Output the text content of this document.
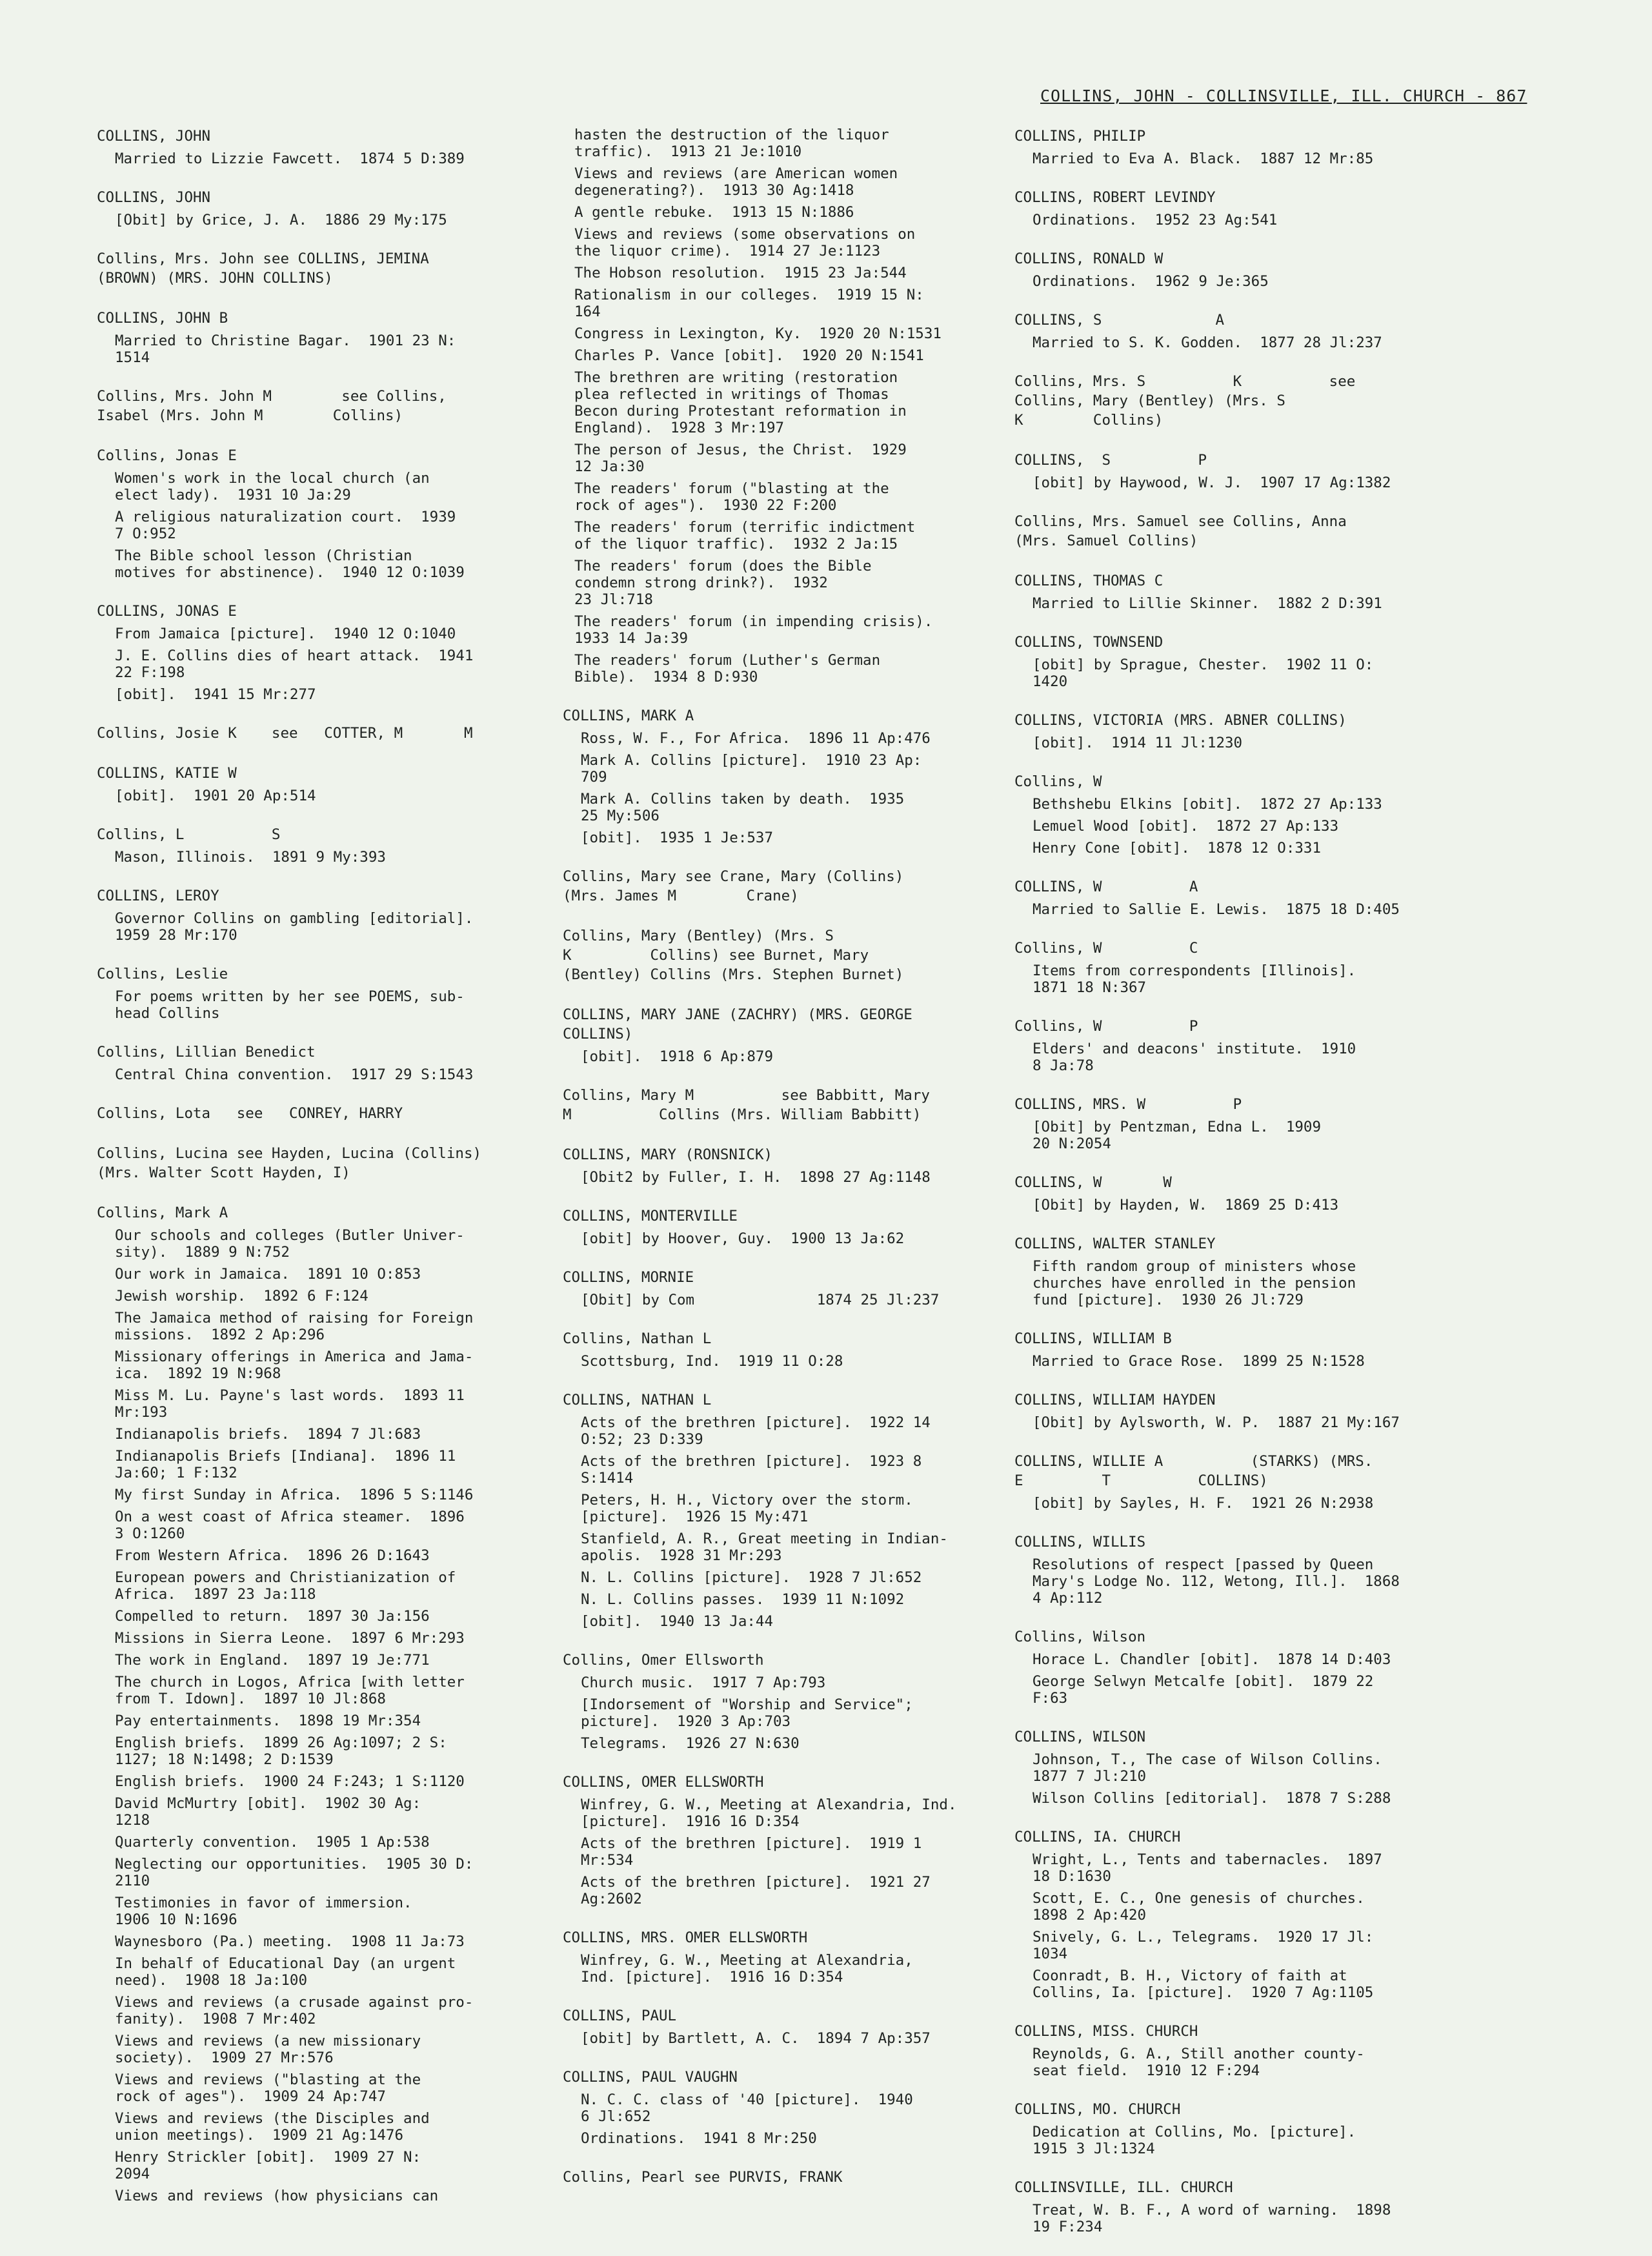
COLLINS, JOHN - COLLINSVILLE, ILL. CHURCH - 867
COLLINS, JOHN
Married to Lizzie Fawcett.  1874 5 D:389
COLLINS, JOHN
[Obit] by Grice, J. A.  1886 29 My:175
Collins, Mrs. John see COLLINS, JEMINA
(BROWN) (MRS. JOHN COLLINS)
COLLINS, JOHN B
Married to Christine Bagar.  1901 23 N:
1514
Collins, Mrs. John M        see Collins,
Isabel (Mrs. John M        Collins)
Collins, Jonas E
Women's work in the local church (an
elect lady).  1931 10 Ja:29
A religious naturalization court.  1939
7 O:952
The Bible school lesson (Christian
motives for abstinence).  1940 12 O:1039
COLLINS, JONAS E
From Jamaica [picture].  1940 12 O:1040
J. E. Collins dies of heart attack.  1941
22 F:198
[obit].  1941 15 Mr:277
Collins, Josie K    see   COTTER, M       M
COLLINS, KATIE W
[obit].  1901 20 Ap:514
Collins, L          S
Mason, Illinois.  1891 9 My:393
COLLINS, LEROY
Governor Collins on gambling [editorial].
1959 28 Mr:170
Collins, Leslie
For poems written by her see POEMS, sub-
head Collins
Collins, Lillian Benedict
Central China convention.  1917 29 S:1543
Collins, Lota   see   CONREY, HARRY
Collins, Lucina see Hayden, Lucina (Collins)
(Mrs. Walter Scott Hayden, I)
Collins, Mark A
Our schools and colleges (Butler Univer-
sity).  1889 9 N:752
Our work in Jamaica.  1891 10 O:853
Jewish worship.  1892 6 F:124
The Jamaica method of raising for Foreign
missions.  1892 2 Ap:296
Missionary offerings in America and Jama-
ica.  1892 19 N:968
Miss M. Lu. Payne's last words.  1893 11
Mr:193
Indianapolis briefs.  1894 7 Jl:683
Indianapolis Briefs [Indiana].  1896 11
Ja:60; 1 F:132
My first Sunday in Africa.  1896 5 S:1146
On a west coast of Africa steamer.  1896
3 O:1260
From Western Africa.  1896 26 D:1643
European powers and Christianization of
Africa.  1897 23 Ja:118
Compelled to return.  1897 30 Ja:156
Missions in Sierra Leone.  1897 6 Mr:293
The work in England.  1897 19 Je:771
The church in Logos, Africa [with letter
from T. Idown].  1897 10 Jl:868
Pay entertainments.  1898 19 Mr:354
English briefs.  1899 26 Ag:1097; 2 S:
1127; 18 N:1498; 2 D:1539
English briefs.  1900 24 F:243; 1 S:1120
David McMurtry [obit].  1902 30 Ag:
1218
Quarterly convention.  1905 1 Ap:538
Neglecting our opportunities.  1905 30 D:
2110
Testimonies in favor of immersion.
1906 10 N:1696
Waynesboro (Pa.) meeting.  1908 11 Ja:73
In behalf of Educational Day (an urgent
need).  1908 18 Ja:100
Views and reviews (a crusade against pro-
fanity).  1908 7 Mr:402
Views and reviews (a new missionary
society).  1909 27 Mr:576
Views and reviews ("blasting at the
rock of ages").  1909 24 Ap:747
Views and reviews (the Disciples and
union meetings).  1909 21 Ag:1476
Henry Strickler [obit].  1909 27 N:
2094
Views and reviews (how physicians can
hasten the destruction of the liquor
traffic).  1913 21 Je:1010
Views and reviews (are American women
degenerating?).  1913 30 Ag:1418
A gentle rebuke.  1913 15 N:1886
Views and reviews (some observations on
the liquor crime).  1914 27 Je:1123
The Hobson resolution.  1915 23 Ja:544
Rationalism in our colleges.  1919 15 N:
164
Congress in Lexington, Ky.  1920 20 N:1531
Charles P. Vance [obit].  1920 20 N:1541
The brethren are writing (restoration
plea reflected in writings of Thomas
Becon during Protestant reformation in
England).  1928 3 Mr:197
The person of Jesus, the Christ.  1929
12 Ja:30
The readers' forum ("blasting at the
rock of ages").  1930 22 F:200
The readers' forum (terrific indictment
of the liquor traffic).  1932 2 Ja:15
The readers' forum (does the Bible
condemn strong drink?).  1932
23 Jl:718
The readers' forum (in impending crisis).
1933 14 Ja:39
The readers' forum (Luther's German
Bible).  1934 8 D:930
COLLINS, MARK A
Ross, W. F., For Africa.  1896 11 Ap:476
Mark A. Collins [picture].  1910 23 Ap:
709
Mark A. Collins taken by death.  1935
25 My:506
[obit].  1935 1 Je:537
Collins, Mary see Crane, Mary (Collins)
(Mrs. James M        Crane)
Collins, Mary (Bentley) (Mrs. S
K         Collins) see Burnet, Mary
(Bentley) Collins (Mrs. Stephen Burnet)
COLLINS, MARY JANE (ZACHRY) (MRS. GEORGE
COLLINS)
[obit].  1918 6 Ap:879
Collins, Mary M          see Babbitt, Mary
M          Collins (Mrs. William Babbitt)
COLLINS, MARY (RONSNICK)
[Obit2 by Fuller, I. H.  1898 27 Ag:1148
COLLINS, MONTERVILLE
[obit] by Hoover, Guy.  1900 13 Ja:62
COLLINS, MORNIE
[Obit] by Com              1874 25 Jl:237
Collins, Nathan L
Scottsburg, Ind.  1919 11 O:28
COLLINS, NATHAN L
Acts of the brethren [picture].  1922 14
O:52; 23 D:339
Acts of the brethren [picture].  1923 8
S:1414
Peters, H. H., Victory over the storm.
[picture].  1926 15 My:471
Stanfield, A. R., Great meeting in Indian-
apolis.  1928 31 Mr:293
N. L. Collins [picture].  1928 7 Jl:652
N. L. Collins passes.  1939 11 N:1092
[obit].  1940 13 Ja:44
Collins, Omer Ellsworth
Church music.  1917 7 Ap:793
[Indorsement of "Worship and Service";
picture].  1920 3 Ap:703
Telegrams.  1926 27 N:630
COLLINS, OMER ELLSWORTH
Winfrey, G. W., Meeting at Alexandria, Ind.
[picture].  1916 16 D:354
Acts of the brethren [picture].  1919 1
Mr:534
Acts of the brethren [picture].  1921 27
Ag:2602
COLLINS, MRS. OMER ELLSWORTH
Winfrey, G. W., Meeting at Alexandria,
Ind. [picture].  1916 16 D:354
COLLINS, PAUL
[obit] by Bartlett, A. C.  1894 7 Ap:357
COLLINS, PAUL VAUGHN
N. C. C. class of '40 [picture].  1940
6 Jl:652
Ordinations.  1941 8 Mr:250
Collins, Pearl see PURVIS, FRANK
COLLINS, PHILIP
Married to Eva A. Black.  1887 12 Mr:85
COLLINS, ROBERT LEVINDY
Ordinations.  1952 23 Ag:541
COLLINS, RONALD W
Ordinations.  1962 9 Je:365
COLLINS, S             A
Married to S. K. Godden.  1877 28 Jl:237
Collins, Mrs. S          K          see
Collins, Mary (Bentley) (Mrs. S
K        Collins)
COLLINS,  S          P
[obit] by Haywood, W. J.  1907 17 Ag:1382
Collins, Mrs. Samuel see Collins, Anna
(Mrs. Samuel Collins)
COLLINS, THOMAS C
Married to Lillie Skinner.  1882 2 D:391
COLLINS, TOWNSEND
[obit] by Sprague, Chester.  1902 11 O:
1420
COLLINS, VICTORIA (MRS. ABNER COLLINS)
[obit].  1914 11 Jl:1230
Collins, W
Bethshebu Elkins [obit].  1872 27 Ap:133
Lemuel Wood [obit].  1872 27 Ap:133
Henry Cone [obit].  1878 12 O:331
COLLINS, W          A
Married to Sallie E. Lewis.  1875 18 D:405
Collins, W          C
Items from correspondents [Illinois].
1871 18 N:367
Collins, W          P
Elders' and deacons' institute.  1910
8 Ja:78
COLLINS, MRS. W          P
[Obit] by Pentzman, Edna L.  1909
20 N:2054
COLLINS, W       W
[Obit] by Hayden, W.  1869 25 D:413
COLLINS, WALTER STANLEY
Fifth random group of ministers whose
churches have enrolled in the pension
fund [picture].  1930 26 Jl:729
COLLINS, WILLIAM B
Married to Grace Rose.  1899 25 N:1528
COLLINS, WILLIAM HAYDEN
[Obit] by Aylsworth, W. P.  1887 21 My:167
COLLINS, WILLIE A          (STARKS) (MRS.
E         T          COLLINS)
[obit] by Sayles, H. F.  1921 26 N:2938
COLLINS, WILLIS
Resolutions of respect [passed by Queen
Mary's Lodge No. 112, Wetong, Ill.].  1868
4 Ap:112
Collins, Wilson
Horace L. Chandler [obit].  1878 14 D:403
George Selwyn Metcalfe [obit].  1879 22
F:63
COLLINS, WILSON
Johnson, T., The case of Wilson Collins.
1877 7 Jl:210
Wilson Collins [editorial].  1878 7 S:288
COLLINS, IA. CHURCH
Wright, L., Tents and tabernacles.  1897
18 D:1630
Scott, E. C., One genesis of churches.
1898 2 Ap:420
Snively, G. L., Telegrams.  1920 17 Jl:
1034
Coonradt, B. H., Victory of faith at
Collins, Ia. [picture].  1920 7 Ag:1105
COLLINS, MISS. CHURCH
Reynolds, G. A., Still another county-
seat field.  1910 12 F:294
COLLINS, MO. CHURCH
Dedication at Collins, Mo. [picture].
1915 3 Jl:1324
COLLINSVILLE, ILL. CHURCH
Treat, W. B. F., A word of warning.  1898
19 F:234
